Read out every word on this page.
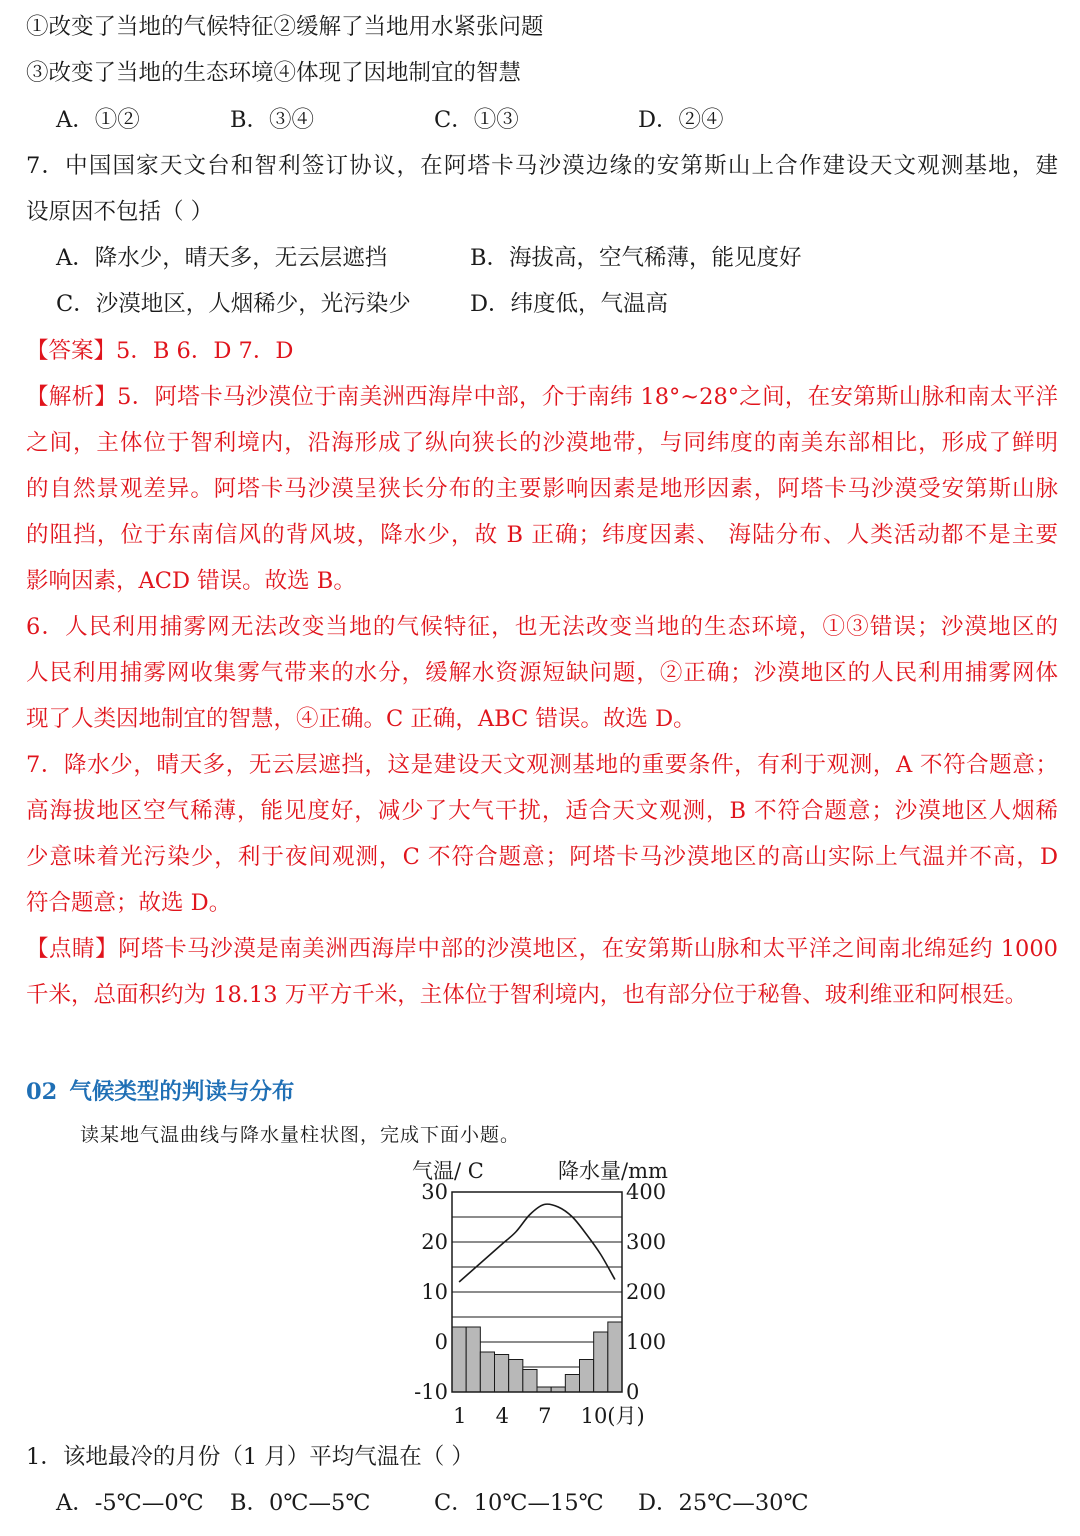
①改变了当地的气候特征②缓解了当地用水紧张问题
③改变了当地的生态环境④体现了因地制宜的智慧
A．①②	B．③④	C．①③	D．②④
7．中国国家天文台和智利签订协议，在阿塔卡马沙漠边缘的安第斯山上合作建设天文观测基地，建
设原因不包括（ ）
A．降水少，晴天多，无云层遮挡	B．海拔高，空气稀薄，能见度好
C．沙漠地区，人烟稀少，光污染少	D．纬度低，气温高
【答案】5．B 6．D 7．D
【解析】5．阿塔卡马沙漠位于南美洲西海岸中部，介于南纬 18°~28°之间，在安第斯山脉和南太平洋
之间，主体位于智利境内，沿海形成了纵向狭长的沙漠地带，与同纬度的南美东部相比，形成了鲜明
的自然景观差异。阿塔卡马沙漠呈狭长分布的主要影响因素是地形因素，阿塔卡马沙漠受安第斯山脉
的阻挡，位于东南信风的背风坡，降水少，故 B 正确；纬度因素、 海陆分布、人类活动都不是主要
影响因素，ACD 错误。故选 B。
6．人民利用捕雾网无法改变当地的气候特征，也无法改变当地的生态环境，①③错误；沙漠地区的
人民利用捕雾网收集雾气带来的水分，缓解水资源短缺问题，②正确；沙漠地区的人民利用捕雾网体
现了人类因地制宜的智慧，④正确。C 正确，ABC 错误。故选 D。
7．降水少，晴天多，无云层遮挡，这是建设天文观测基地的重要条件，有利于观测，A 不符合题意；
高海拔地区空气稀薄，能见度好，减少了大气干扰，适合天文观测，B 不符合题意；沙漠地区人烟稀
少意味着光污染少，利于夜间观测，C 不符合题意；阿塔卡马沙漠地区的高山实际上气温并不高，D
符合题意；故选 D。
【点睛】阿塔卡马沙漠是南美洲西海岸中部的沙漠地区，在安第斯山脉和太平洋之间南北绵延约 1000
千米，总面积约为 18.13 万平方千米，主体位于智利境内，也有部分位于秘鲁、玻利维亚和阿根廷。
02 气候类型的判读与分布
读某地气温曲线与降水量柱状图，完成下面小题。
气温/ C	降水量/mm
30
20
10
0
-10
400
300
200
100
0
1 4 7 10(月)
1．该地最冷的月份（1 月）平均气温在（ ）
A．-5℃—0℃ B．0℃—5℃	C．10℃—15℃ D．25℃—30℃
